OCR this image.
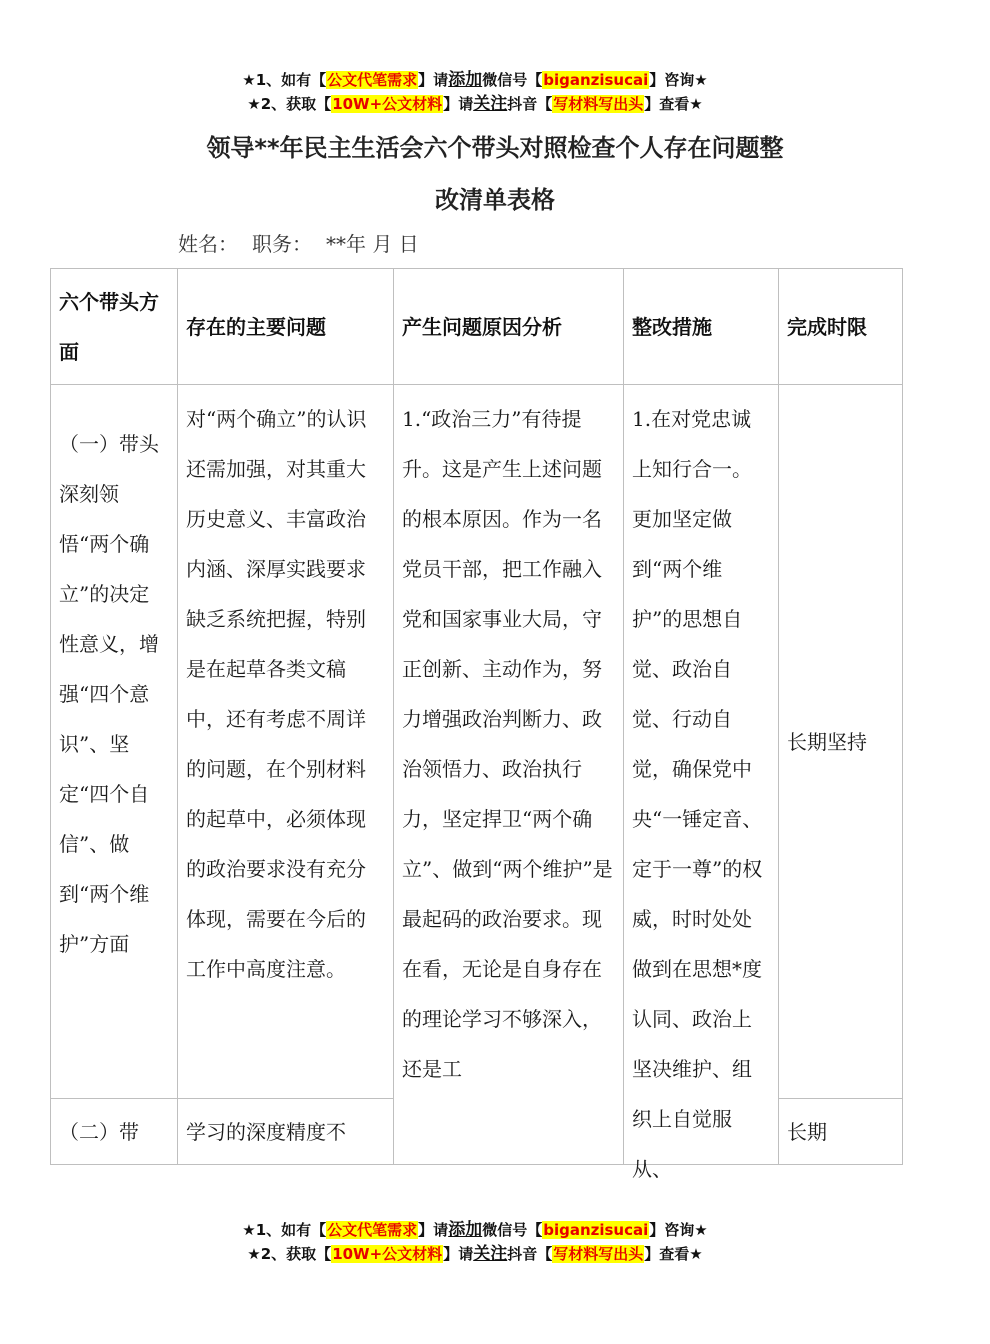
★1、如有【公文代笔需求】请添加微信号【biganzisucai】咨询★
★2、获取【10W+公文材料】请关注抖音【写材料写出头】查看★
领导**年民主生活会六个带头对照检查个人存在问题整
改清单表格
姓名： 职务： **年 月 日
六个带头方面	存在的主要问题	产生问题原因分析	整改措施	完成时限
（一）带头深刻领悟“两个确立”的决定性意义，增强“四个意识”、坚定“四个自信”、做到“两个维护”方面	对“两个确立”的认识还需加强，对其重大历史意义、丰富政治内涵、深厚实践要求缺乏系统把握，特别是在起草各类文稿中，还有考虑不周详的问题，在个别材料的起草中，必须体现的政治要求没有充分体现，需要在今后的工作中高度注意。	1.“政治三力”有待提升。这是产生上述问题的根本原因。作为一名党员干部，把工作融入党和国家事业大局，守正创新、主动作为，努力增强政治判断力、政治领悟力、政治执行力，坚定捍卫“两个确立”、做到“两个维护”是最起码的政治要求。现在看，无论是自身存在的理论学习不够深入，还是工	1.在对党忠诚上知行合一。更加坚定做到“两个维护”的思想自觉、政治自觉、行动自觉，确保党中央“一锤定音、定于一尊”的权威，时时处处做到在思想*度认同、政治上坚决维护、组织上自觉服从、	长期坚持
（二）带	学习的深度精度不			长期
★1、如有【公文代笔需求】请添加微信号【biganzisucai】咨询★
★2、获取【10W+公文材料】请关注抖音【写材料写出头】查看★
